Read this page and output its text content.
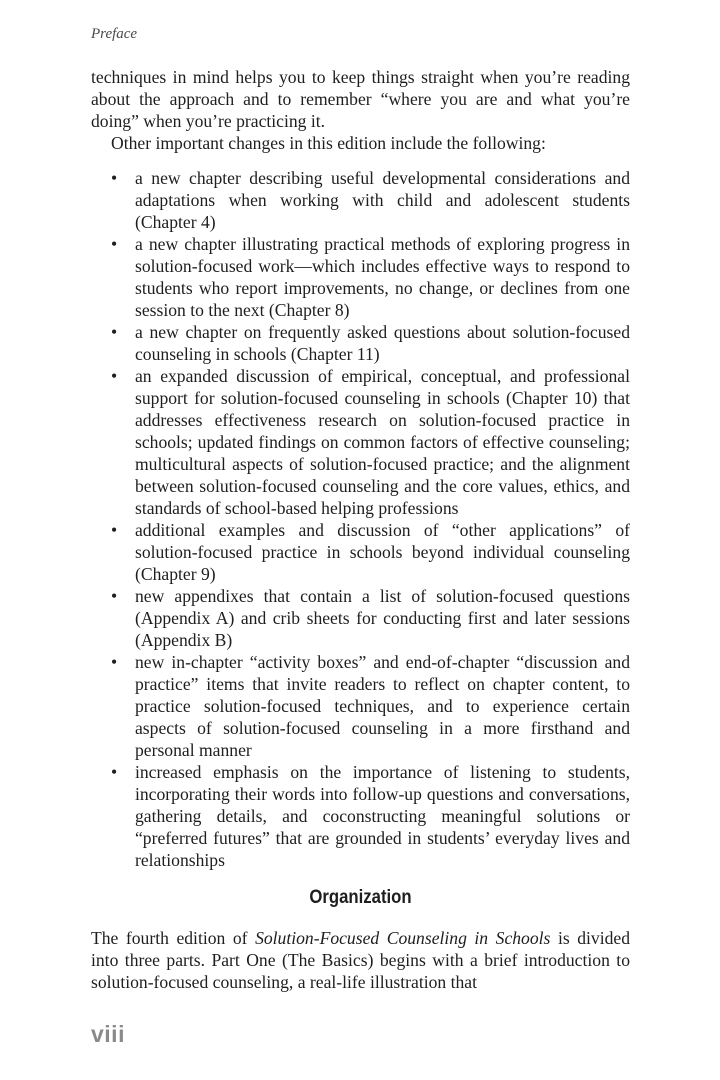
Preface

techniques in mind helps you to keep things straight when you’re reading about the approach and to remember “where you are and what you’re doing” when you’re practicing it.

Other important changes in this edition include the following:

• a new chapter describing useful developmental considerations and adaptations when working with child and adolescent students (Chapter 4)
• a new chapter illustrating practical methods of exploring progress in solution-focused work—which includes effective ways to respond to students who report improvements, no change, or declines from one session to the next (Chapter 8)
• a new chapter on frequently asked questions about solution-focused counseling in schools (Chapter 11)
• an expanded discussion of empirical, conceptual, and professional support for solution-focused counseling in schools (Chapter 10) that addresses effectiveness research on solution-focused practice in schools; updated findings on common factors of effective counseling; multicultural aspects of solution-focused practice; and the alignment between solution-focused counseling and the core values, ethics, and standards of school-based helping professions
• additional examples and discussion of “other applications” of solution-focused practice in schools beyond individual counseling (Chapter 9)
• new appendixes that contain a list of solution-focused questions (Appendix A) and crib sheets for conducting first and later sessions (Appendix B)
• new in-chapter “activity boxes” and end-of-chapter “discussion and practice” items that invite readers to reflect on chapter content, to practice solution-focused techniques, and to experience certain aspects of solution-focused counseling in a more firsthand and personal manner
• increased emphasis on the importance of listening to students, incorporating their words into follow-up questions and conversations, gathering details, and coconstructing meaningful solutions or “preferred futures” that are grounded in students’ everyday lives and relationships
Organization

The fourth edition of Solution-Focused Counseling in Schools is divided into three parts. Part One (The Basics) begins with a brief introduction to solution-focused counseling, a real-life illustration that

viii
